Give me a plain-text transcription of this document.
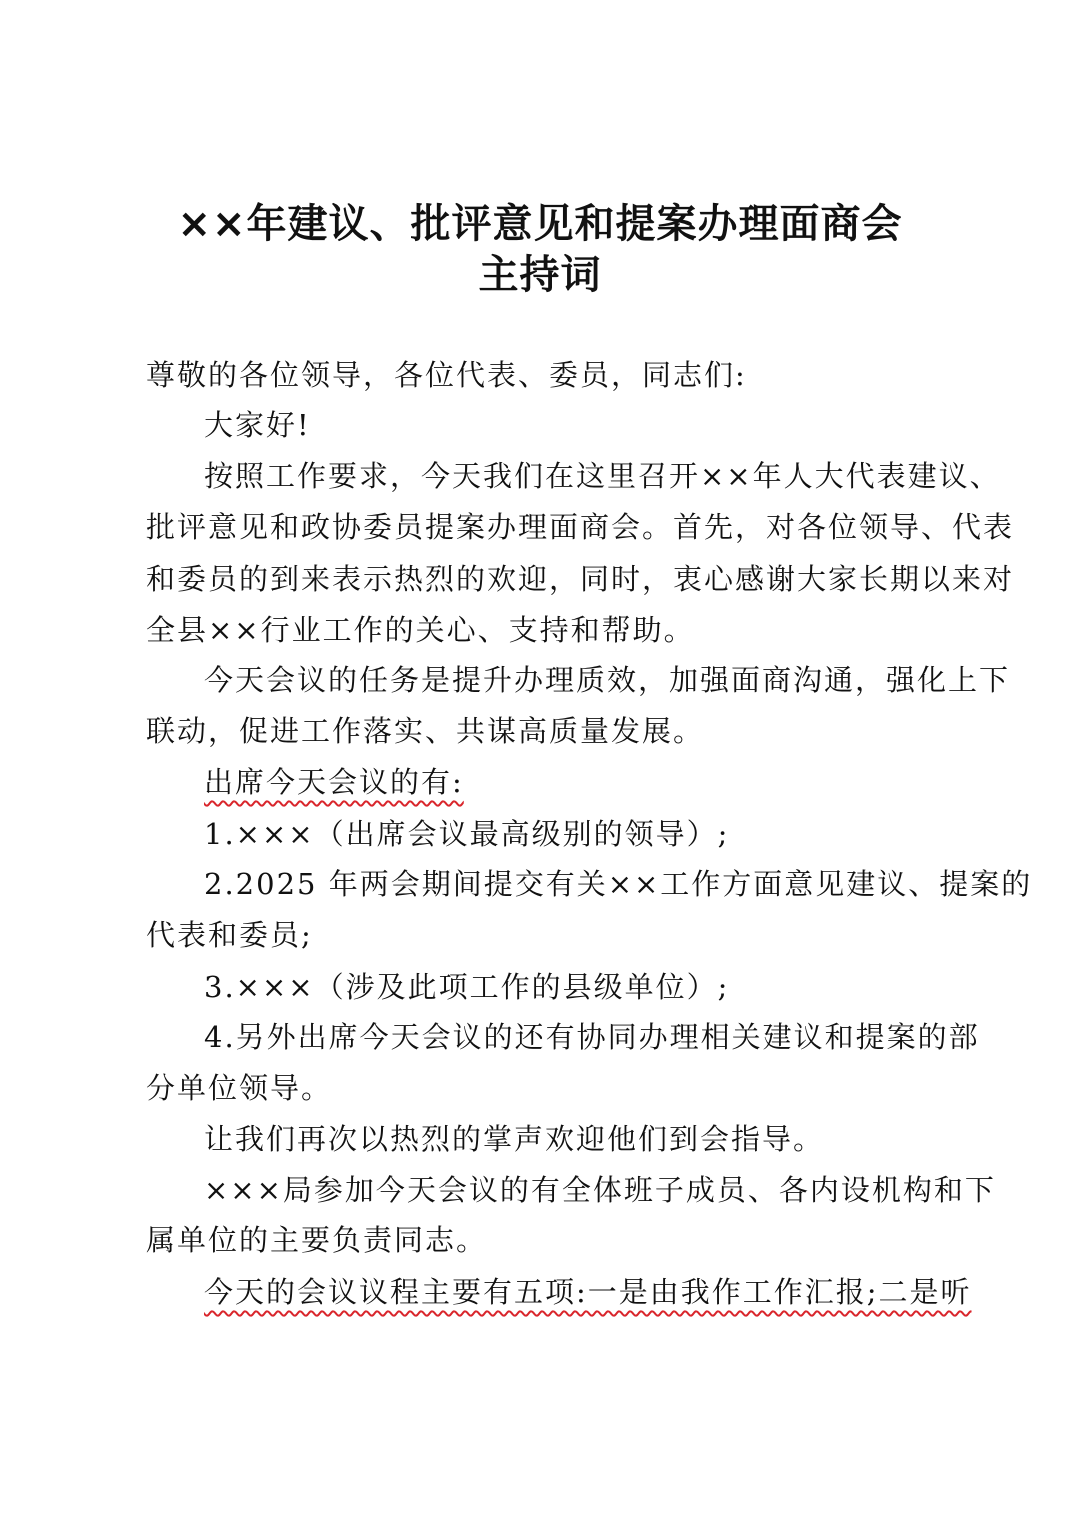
××年建议、批评意见和提案办理面商会
主持词
尊敬的各位领导，各位代表、委员，同志们:
大家好!
按照工作要求，今天我们在这里召开××年人大代表建议、
批评意见和政协委员提案办理面商会。首先，对各位领导、代表
和委员的到来表示热烈的欢迎，同时，衷心感谢大家长期以来对
全县××行业工作的关心、支持和帮助。
今天会议的任务是提升办理质效，加强面商沟通，强化上下
联动，促进工作落实、共谋高质量发展。
出席今天会议的有:
1.×××（出席会议最高级别的领导）;
2.2025 年两会期间提交有关××工作方面意见建议、提案的
代表和委员;
3.×××（涉及此项工作的县级单位）;
4.另外出席今天会议的还有协同办理相关建议和提案的部
分单位领导。
让我们再次以热烈的掌声欢迎他们到会指导。
×××局参加今天会议的有全体班子成员、各内设机构和下
属单位的主要负责同志。
今天的会议议程主要有五项:一是由我作工作汇报;二是听
